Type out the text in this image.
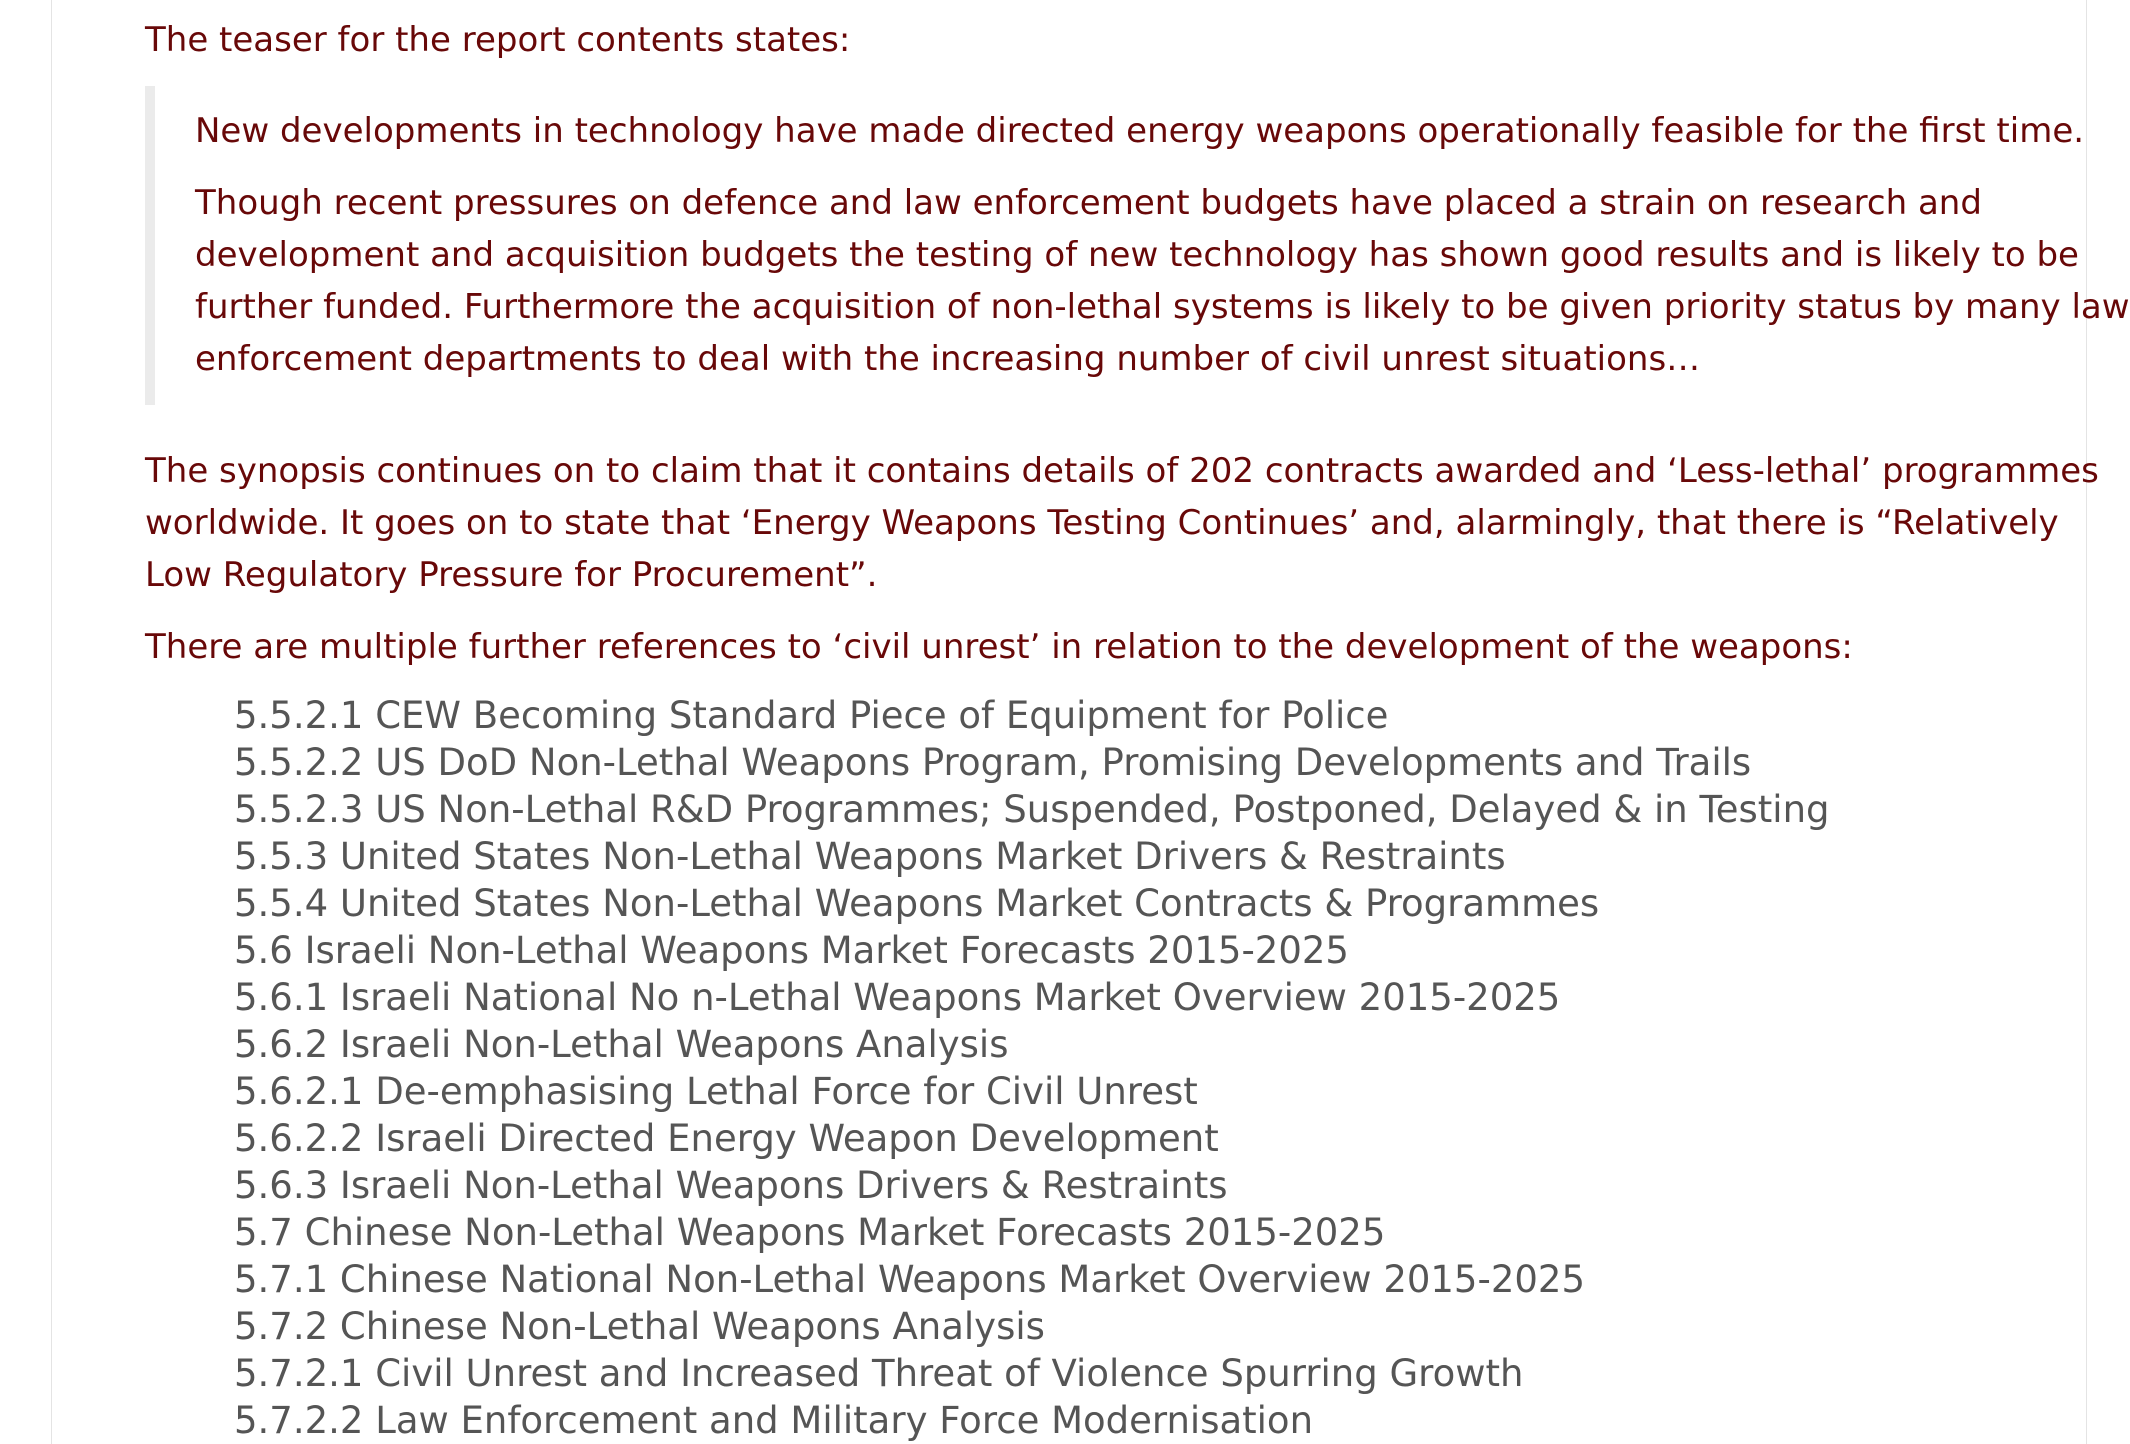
The teaser for the report contents states:

New developments in technology have made directed energy weapons operationally feasible for the first time.

Though recent pressures on defence and law enforcement budgets have placed a strain on research and development and acquisition budgets the testing of new technology has shown good results and is likely to be further funded. Furthermore the acquisition of non-lethal systems is likely to be given priority status by many law enforcement departments to deal with the increasing number of civil unrest situations…

The synopsis continues on to claim that it contains details of 202 contracts awarded and ‘Less-lethal’ programmes worldwide. It goes on to state that ‘Energy Weapons Testing Continues’ and, alarmingly, that there is “Relatively Low Regulatory Pressure for Procurement”.

There are multiple further references to ‘civil unrest’ in relation to the development of the weapons:

5.5.2.1 CEW Becoming Standard Piece of Equipment for Police
5.5.2.2 US DoD Non-Lethal Weapons Program, Promising Developments and Trails
5.5.2.3 US Non-Lethal R&D Programmes; Suspended, Postponed, Delayed & in Testing
5.5.3 United States Non-Lethal Weapons Market Drivers & Restraints
5.5.4 United States Non-Lethal Weapons Market Contracts & Programmes
5.6 Israeli Non-Lethal Weapons Market Forecasts 2015-2025
5.6.1 Israeli National No n-Lethal Weapons Market Overview 2015-2025
5.6.2 Israeli Non-Lethal Weapons Analysis
5.6.2.1 De-emphasising Lethal Force for Civil Unrest
5.6.2.2 Israeli Directed Energy Weapon Development
5.6.3 Israeli Non-Lethal Weapons Drivers & Restraints
5.7 Chinese Non-Lethal Weapons Market Forecasts 2015-2025
5.7.1 Chinese National Non-Lethal Weapons Market Overview 2015-2025
5.7.2 Chinese Non-Lethal Weapons Analysis
5.7.2.1 Civil Unrest and Increased Threat of Violence Spurring Growth
5.7.2.2 Law Enforcement and Military Force Modernisation
